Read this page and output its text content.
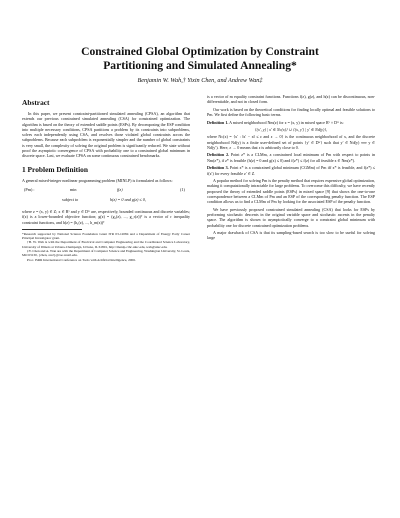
Constrained Global Optimization by Constraint
Partitioning and Simulated Annealing*
Benjamin W. Wah,† Yixin Chen, and Andrew Wan‡
Abstract

In this paper, we present constraint-partitioned simulated annealing (CPSA), an algorithm that extends our previous constrained simulated annealing (CSA) for constrained optimization. The algorithm is based on the theory of extended saddle points (ESPs). By decomposing the ESP condition into multiple necessary conditions, CPSA partitions a problem by its constraints into subproblems, solves each independently using CSA, and resolves those violated global constraints across the subproblems. Because each subproblem is exponentially simpler and the number of global constraints is very small, the complexity of solving the original problem is significantly reduced. We state without proof the asymptotic convergence of CPSA with probability one to a constrained global minimum in discrete space. Last, we evaluate CPSA on some continuous constrained benchmarks.

1 Problem Definition

A general mixed-integer nonlinear programming problem (MINLP) is formulated as follows:

(Pm) :	min	f(z)	(1)
subject to	h(z) = 0 and g(z) ≤ 0,

where z = (x, y) ∈ Z; x ∈ Rᵛ and y ∈ Dʷ are, respectively, bounded continuous and discrete variables; f(z) is a lower-bounded objective function; g(z) = (g₁(z), ..., g_r(z))ᵀ is a vector of r inequality constraint functions, and h(z) = (h₁(z), ..., h_m(z))ᵀ

*Research supported by National Science Foundation Grant ITR 03-12084 and a Department of Energy Early Career Principal Investigator grant.

†B. W. Wah is with the Department of Electrical and Computer Engineering and the Coordinated Science Laboratory, University of Illinois at Urbana-Champaign, Urbana, IL 61801, http://manip.crhc.uiuc.edu, wah@uiuc.edu.

‡Y. Chen and A. Wan are with the Department of Computer Science and Engineering, Washington University, St. Louis, MO 63130, {chen, aw2}@cse.wustl.edu.

Proc. ISRR International Conference on Tools with Artificial Intelligence, 2006.

is a vector of m equality constraint functions. Functions f(z), g(z), and h(z) can be discontinuous, non-differentiable, and not in closed form.

Our work is based on the theoretical conditions for finding locally optimal and feasible solutions to Pm. We first define the following basic terms.

Definition 1. A mixed neighborhood Nm(z) for z = (x, y) in mixed space Rᵛ × Dʷ is:

{(x′, y) | x′ ∈ Nc(x)} ∪ {(x, y′) | y′ ∈ Nd(y)},

where Nc(x) = {x′ : ‖x′ − x‖ ≤ ε and ε → 0} is the continuous neighborhood of x, and the discrete neighborhood Nd(y) is a finite user-defined set of points {y′ ∈ Dʷ} such that y′ ∈ Nd(y) ⟺ y ∈ Nd(y′). Here, ε → 0 means that ε is arbitrarily close to 0.

Definition 2. Point z* is a CLMm, a constrained local minimum of Pm with respect to points in Nm(z*), if z* is feasible (h(z) = 0 and g(z) ≤ 0) and f(z*) ≤ f(z) for all feasible z ∈ Nm(z*).

Definition 3. Point z* is a constrained global minimum (CGMm) of Pm iff z* is feasible, and f(z*) ≤ f(z′) for every feasible z′ ∈ Z.

A popular method for solving Pm is the penalty method that requires expensive global optimization, making it computationally intractable for large problems. To overcome this difficulty, we have recently proposed the theory of extended saddle points (ESPs) in mixed space [9] that shows the one-to-one correspondence between a CLMm of Pm and an ESP of the corresponding penalty function. The ESP condition allows us to find a CLMm of Pm by looking for the associated ESP of the penalty function.

We have previously proposed constrained simulated annealing (CSA) that looks for ESPs by performing stochastic descents in the original variable space and stochastic ascents in the penalty space. The algorithm is shown to asymptotically converge to a constraint global minimum with probability one for discrete constrained optimization problems.

A major drawback of CSA is that its sampling-based search is too slow to be useful for solving large
